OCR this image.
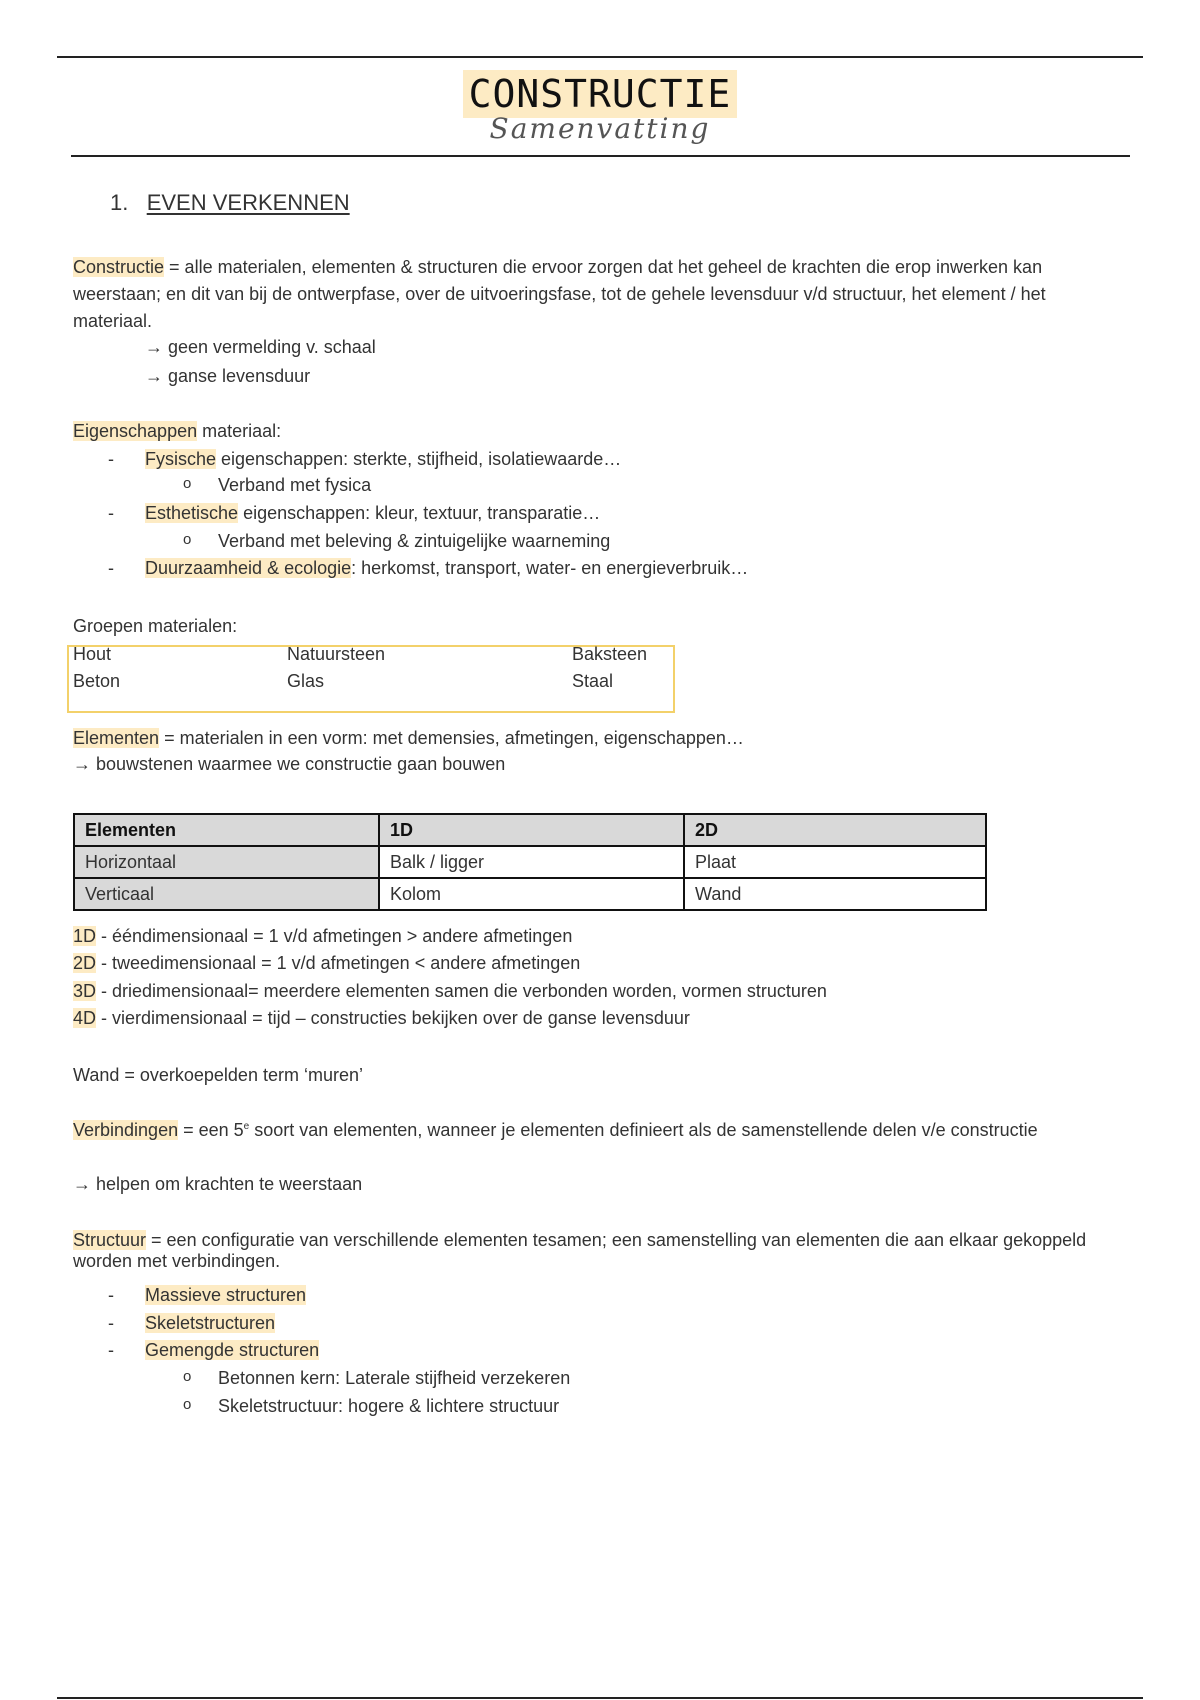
CONSTRUCTIE
Samenvatting
1. EVEN VERKENNEN
Constructie = alle materialen, elementen & structuren die ervoor zorgen dat het geheel de krachten die erop inwerken kan weerstaan; en dit van bij de ontwerpfase, over de uitvoeringsfase, tot de gehele levensduur v/d structuur, het element / het materiaal.
→ geen vermelding v. schaal
→ ganse levensduur
Eigenschappen materiaal:
- Fysische eigenschappen: sterkte, stijfheid, isolatiewaarde…
o Verband met fysica
- Esthetische eigenschappen: kleur, textuur, transparatie…
o Verband met beleving & zintuigelijke waarneming
- Duurzaamheid & ecologie: herkomst, transport, water- en energieverbruik…
Groepen materialen:
Hout	Natuursteen	Baksteen
Beton	Glas	Staal
Elementen = materialen in een vorm: met demensies, afmetingen, eigenschappen…
→ bouwstenen waarmee we constructie gaan bouwen
Elementen	1D	2D
Horizontaal	Balk / ligger	Plaat
Verticaal	Kolom	Wand
1D - ééndimensionaal = 1 v/d afmetingen > andere afmetingen
2D - tweedimensionaal = 1 v/d afmetingen < andere afmetingen
3D - driedimensionaal= meerdere elementen samen die verbonden worden, vormen structuren
4D - vierdimensionaal = tijd – constructies bekijken over de ganse levensduur
Wand = overkoepelden term ‘muren’
Verbindingen = een 5e soort van elementen, wanneer je elementen definieert als de samenstellende delen v/e constructie
→ helpen om krachten te weerstaan
Structuur = een configuratie van verschillende elementen tesamen; een samenstelling van elementen die aan elkaar gekoppeld worden met verbindingen.
- Massieve structuren
- Skeletstructuren
- Gemengde structuren
o Betonnen kern: Laterale stijfheid verzekeren
o Skeletstructuur: hogere & lichtere structuur
